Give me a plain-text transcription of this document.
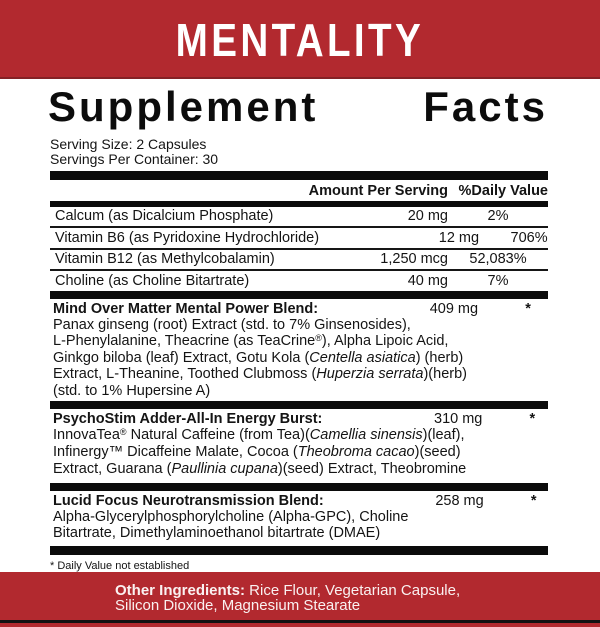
MENTALITY
Supplement Facts
Serving Size: 2 Capsules
Servings Per Container: 30
Amount Per Serving %Daily Value
Calcum (as Dicalcium Phosphate)	20 mg	2%
Vitamin B6 (as Pyridoxine Hydrochloride)	12 mg	706%
Vitamin B12 (as Methylcobalamin)	1,250 mcg	52,083%
Choline (as Choline Bitartrate)	40 mg	7%
Mind Over Matter Mental Power Blend:	409 mg	*
Panax ginseng (root) Extract (std. to 7% Ginsenosides),
L-Phenylalanine, Theacrine (as TeaCrine®), Alpha Lipoic Acid,
Ginkgo biloba (leaf) Extract, Gotu Kola (Centella asiatica) (herb)
Extract, L-Theanine, Toothed Clubmoss (Huperzia serrata)(herb)
(std. to 1% Hupersine A)
PsychoStim Adder-All-In Energy Burst:	310 mg	*
InnovaTea® Natural Caffeine (from Tea)(Camellia sinensis)(leaf),
Infinergy™ Dicaffeine Malate, Cocoa (Theobroma cacao)(seed)
Extract, Guarana (Paullinia cupana)(seed) Extract, Theobromine
Lucid Focus Neurotransmission Blend:	258 mg	*
Alpha-Glycerylphosphorylcholine (Alpha-GPC), Choline
Bitartrate, Dimethylaminoethanol bitartrate (DMAE)
* Daily Value not established
Other Ingredients: Rice Flour, Vegetarian Capsule,
Silicon Dioxide, Magnesium Stearate
